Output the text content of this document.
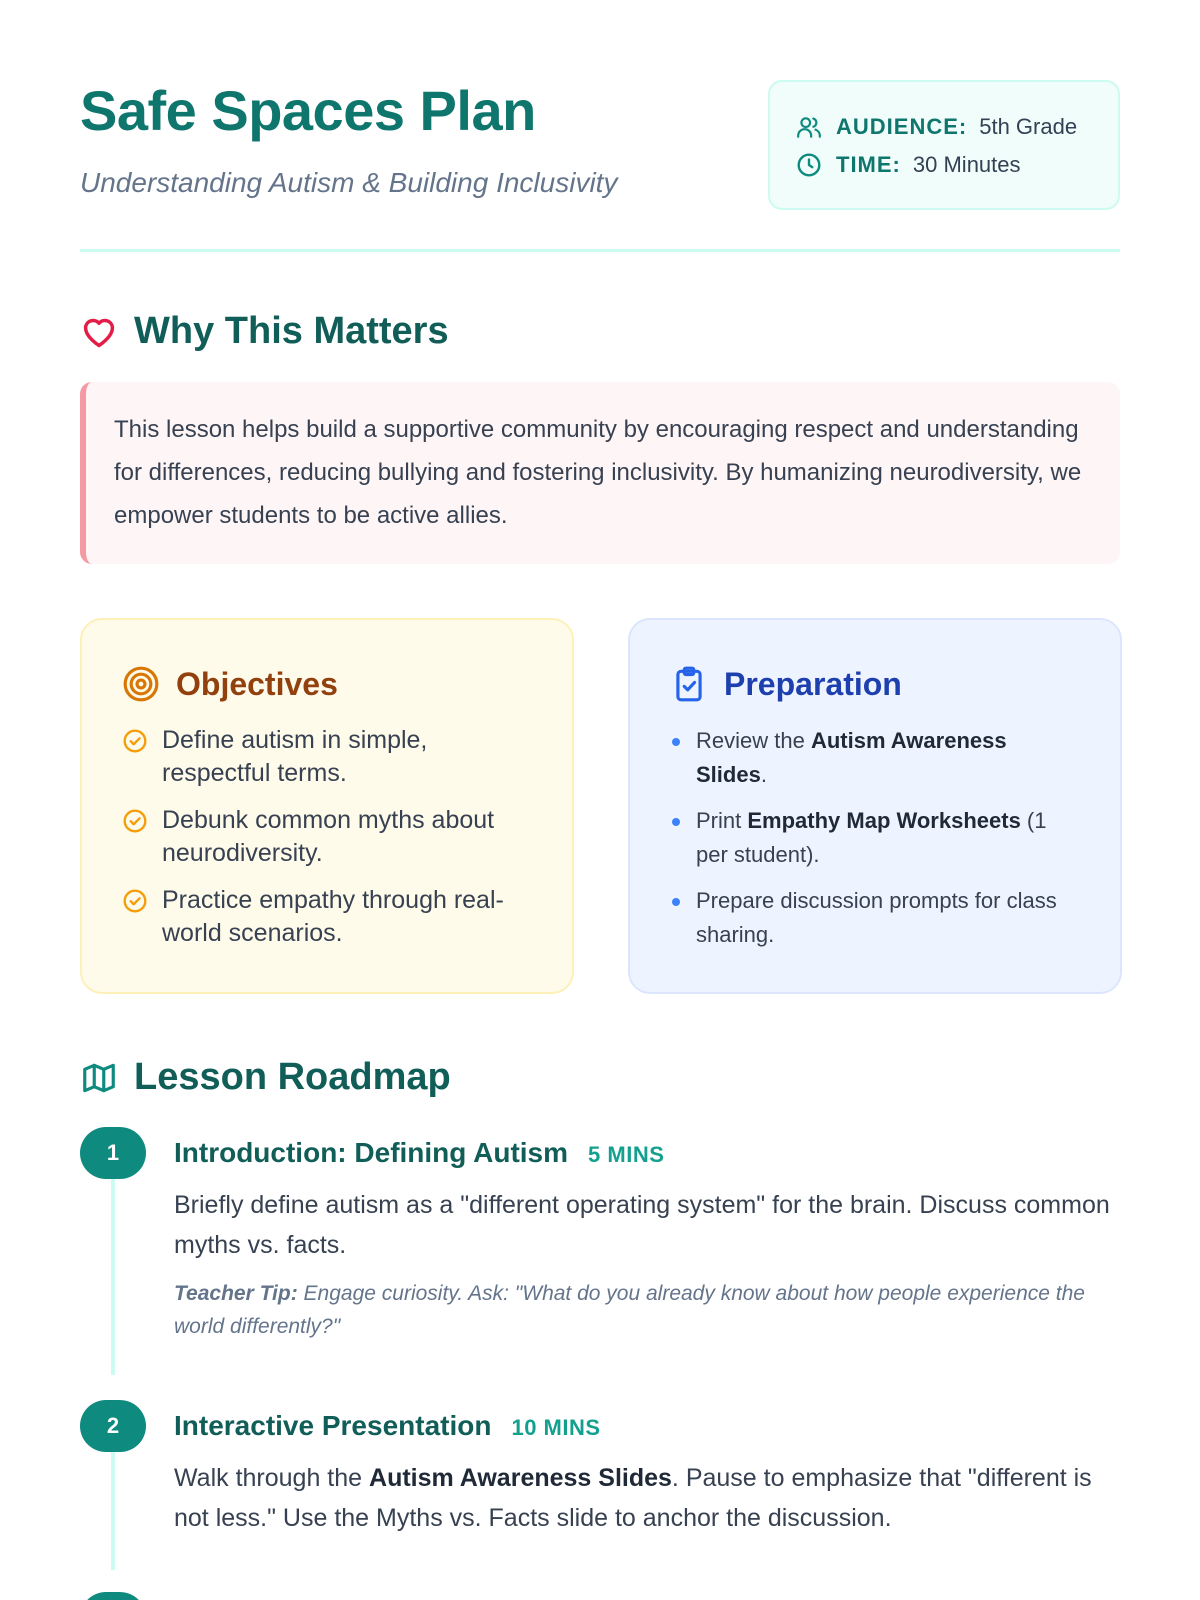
Safe Spaces Plan
Understanding Autism & Building Inclusivity
AUDIENCE: 5th Grade
TIME: 30 Minutes
Why This Matters
This lesson helps build a supportive community by encouraging respect and understanding for differences, reducing bullying and fostering inclusivity. By humanizing neurodiversity, we empower students to be active allies.
Objectives
Define autism in simple, respectful terms.
Debunk common myths about neurodiversity.
Practice empathy through real-world scenarios.
Preparation
Review the Autism Awareness Slides.
Print Empathy Map Worksheets (1 per student).
Prepare discussion prompts for class sharing.
Lesson Roadmap
1	Introduction: Defining Autism 5 MINS
Briefly define autism as a "different operating system" for the brain. Discuss common myths vs. facts.
Teacher Tip: Engage curiosity. Ask: "What do you already know about how people experience the world differently?"
2	Interactive Presentation 10 MINS
Walk through the Autism Awareness Slides. Pause to emphasize that "different is not less." Use the Myths vs. Facts slide to anchor the discussion.
